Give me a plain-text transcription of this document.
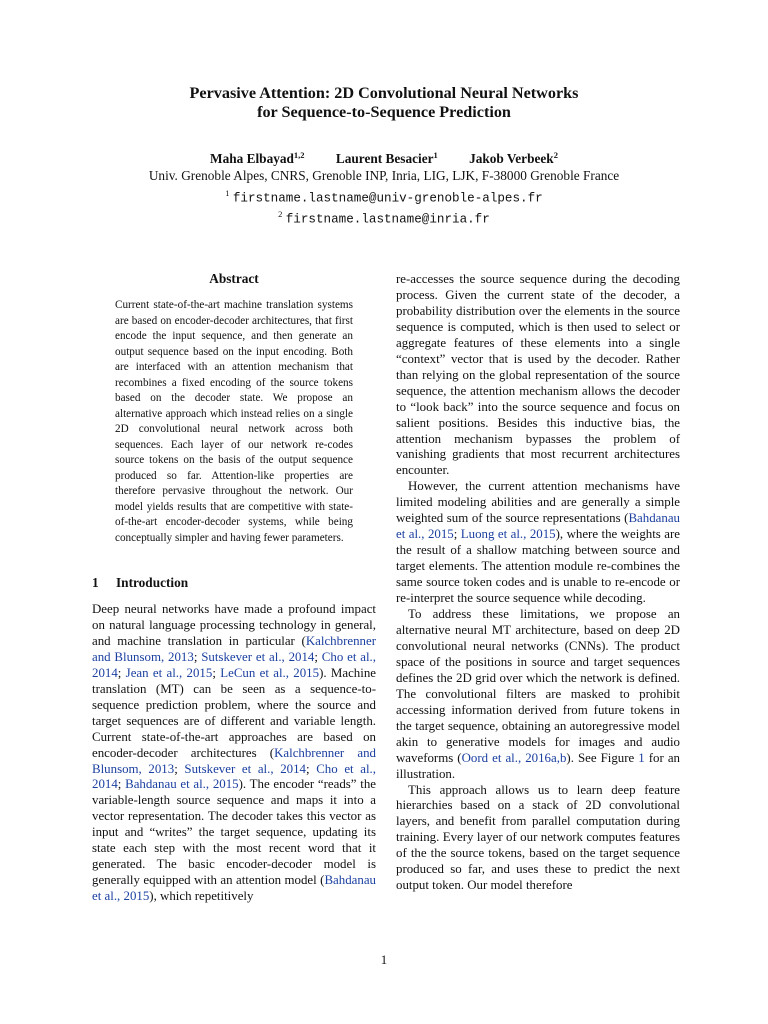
Pervasive Attention: 2D Convolutional Neural Networks
for Sequence-to-Sequence Prediction
Maha Elbayad$^{1,2}$ Laurent Besacier$^1$ Jakob Verbeek$^2$
Univ. Grenoble Alpes, CNRS, Grenoble INP, Inria, LIG, LJK, F-38000 Grenoble France
$^1$ firstname.lastname@univ-grenoble-alpes.fr
$^2$ firstname.lastname@inria.fr
Abstract
Current state-of-the-art machine translation systems are based on encoder-decoder architectures, that first encode the input sequence, and then generate an output sequence based on the input encoding. Both are interfaced with an attention mechanism that recombines a fixed encoding of the source tokens based on the decoder state. We propose an alternative approach which instead relies on a single 2D convolutional neural network across both sequences. Each layer of our network re-codes source tokens on the basis of the output sequence produced so far. Attention-like properties are therefore pervasive throughout the network. Our model yields results that are competitive with state-of-the-art encoder-decoder systems, while being conceptually simpler and having fewer parameters.
1 Introduction

Deep neural networks have made a profound impact on natural language processing technology in general, and machine translation in particular (Kalchbrenner and Blunsom, 2013; Sutskever et al., 2014; Cho et al., 2014; Jean et al., 2015; LeCun et al., 2015). Machine translation (MT) can be seen as a sequence-to-sequence prediction problem, where the source and target sequences are of different and variable length. Current state-of-the-art approaches are based on encoder-decoder architectures (Kalchbrenner and Blunsom, 2013; Sutskever et al., 2014; Cho et al., 2014; Bahdanau et al., 2015). The encoder “reads” the variable-length source sequence and maps it into a vector representation. The decoder takes this vector as input and “writes” the target sequence, updating its state each step with the most recent word that it generated. The basic encoder-decoder model is generally equipped with an attention model (Bahdanau et al., 2015), which repetitively

re-accesses the source sequence during the decoding process. Given the current state of the decoder, a probability distribution over the elements in the source sequence is computed, which is then used to select or aggregate features of these elements into a single “context” vector that is used by the decoder. Rather than relying on the global representation of the source sequence, the attention mechanism allows the decoder to “look back” into the source sequence and focus on salient positions. Besides this inductive bias, the attention mechanism bypasses the problem of vanishing gradients that most recurrent architectures encounter.

However, the current attention mechanisms have limited modeling abilities and are generally a simple weighted sum of the source representations (Bahdanau et al., 2015; Luong et al., 2015), where the weights are the result of a shallow matching between source and target elements. The attention module re-combines the same source token codes and is unable to re-encode or re-interpret the source sequence while decoding.

To address these limitations, we propose an alternative neural MT architecture, based on deep 2D convolutional neural networks (CNNs). The product space of the positions in source and target sequences defines the 2D grid over which the network is defined. The convolutional filters are masked to prohibit accessing information derived from future tokens in the target sequence, obtaining an autoregressive model akin to generative models for images and audio waveforms (Oord et al., 2016a,b). See Figure 1 for an illustration.

This approach allows us to learn deep feature hierarchies based on a stack of 2D convolutional layers, and benefit from parallel computation during training. Every layer of our network computes features of the the source tokens, based on the target sequence produced so far, and uses these to predict the next output token. Our model therefore

1
